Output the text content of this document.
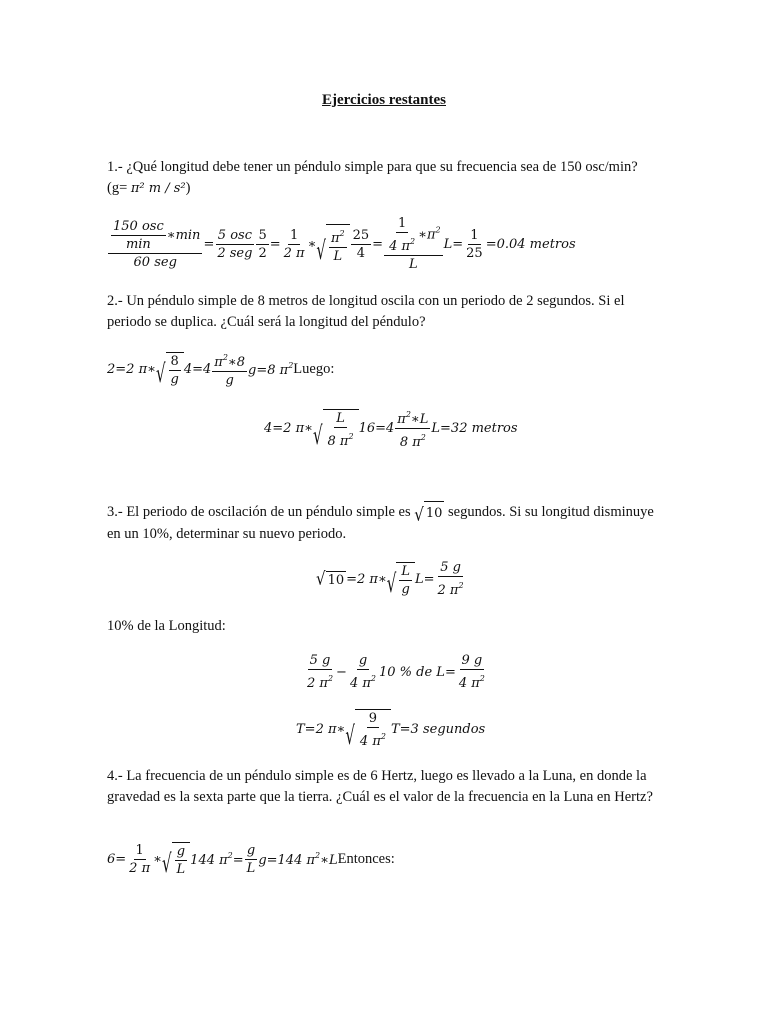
Ejercicios restantes
1.- ¿Qué longitud debe tener un péndulo simple para que su frecuencia sea de 150 osc/min?
(g= π² m / s²)
$\frac{\frac{\text{150 osc}}{\min} ∗\min}{\text{60 seg}} = \frac{\text{5 osc}}{\text{2 seg}} \frac{5}{2} = \frac{1}{2 \pi}$ ∗ √ $\frac{\pi^2}{L} \frac{25}{4} = \frac{\frac{1}{4 \pi^2} ∗\pi^2}{L} L= \frac{1}{25} =0.04$ metros
2.- Un péndulo simple de 8 metros de longitud oscila con un periodo de 2 segundos. Si el periodo se duplica. ¿Cuál será la longitud del péndulo?
2=2 π∗ √ $\frac{8}{g} 4=4 \frac{\pi^2∗8}{g} g=8$ $\pi^2$ Luego:
4=2 π∗ √ $\frac{L}{8 \pi^2} 16=4 \frac{\pi^2∗L}{8 \pi^2} L=32$ metros
3.- El periodo de oscilación de un péndulo simple es √ 10 segundos. Si su longitud disminuye en un 10%, determinar su nuevo periodo.
√ 10 =2 π∗ √ $\frac{L}{g} L= \frac{5 g}{2 \pi^2}$
10% de la Longitud:
$\frac{5 g}{2 \pi^2} - \frac{g}{4 \pi^2} 10$ % de $L= \frac{9 g}{4 \pi^2}$
T=2 π∗ √ $\frac{9}{4 \pi^2} T=3$ segundos
4.- La frecuencia de un péndulo simple es de 6 Hertz, luego es llevado a la Luna, en donde la gravedad es la sexta parte que la tierra. ¿Cuál es el valor de la frecuencia en la Luna en Hertz?
$6= \frac{1}{2 \pi}$ ∗ √ $\frac{g}{L} 144$ $\pi^2= \frac{g}{L} g=144$ $\pi^2∗L$ Entonces:
